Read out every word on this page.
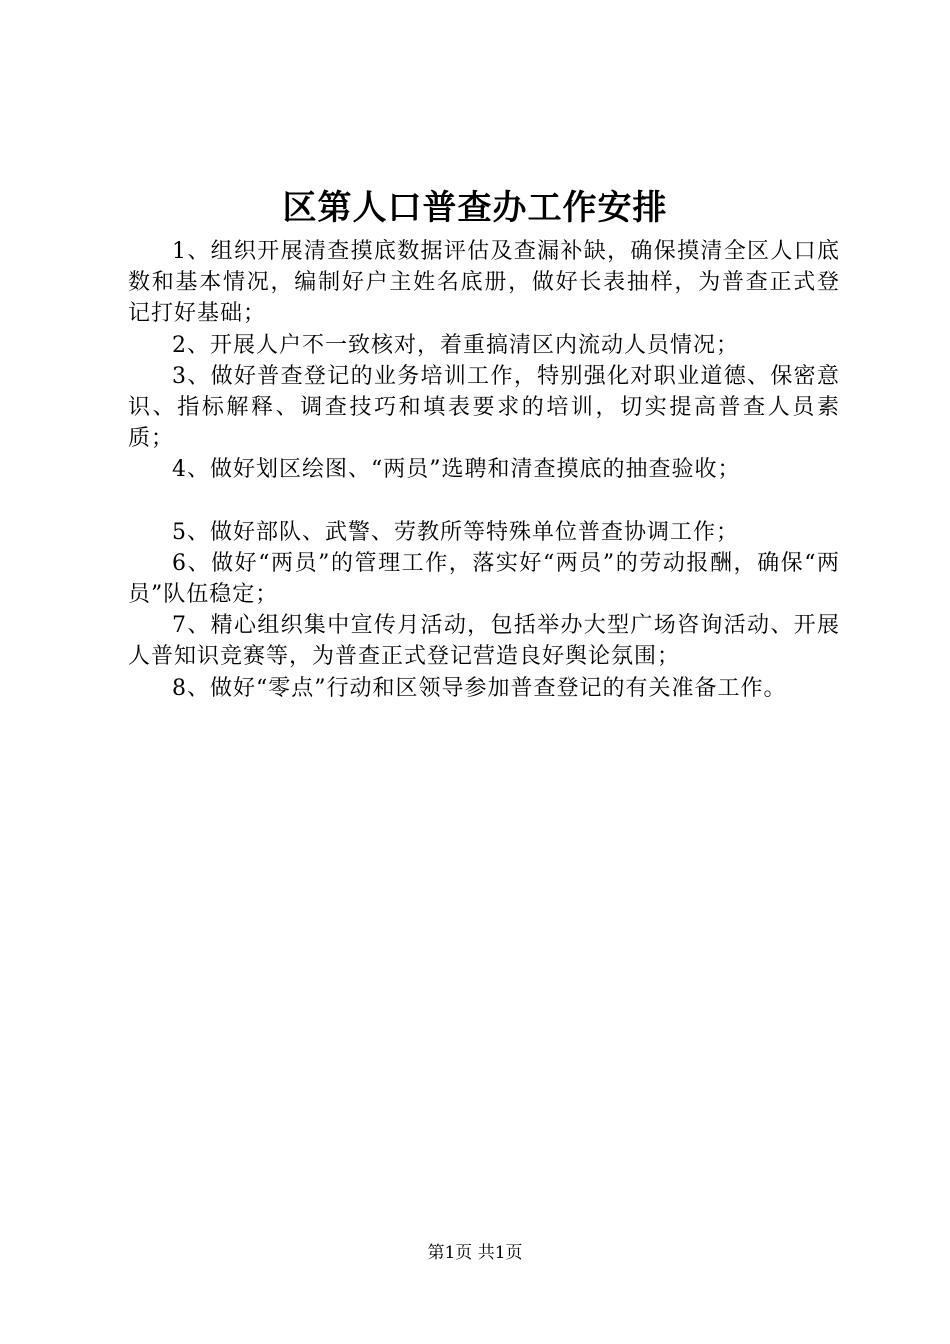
区第人口普查办工作安排

1、组织开展清查摸底数据评估及查漏补缺，确保摸清全区人口底数和基本情况，编制好户主姓名底册，做好长表抽样，为普查正式登记打好基础；

2、开展人户不一致核对，着重搞清区内流动人员情况；

3、做好普查登记的业务培训工作，特别强化对职业道德、保密意识、指标解释、调查技巧和填表要求的培训，切实提高普查人员素质；

4、做好划区绘图、“两员”选聘和清查摸底的抽查验收；

5、做好部队、武警、劳教所等特殊单位普查协调工作；

6、做好“两员”的管理工作，落实好“两员”的劳动报酬，确保“两员”队伍稳定；

7、精心组织集中宣传月活动，包括举办大型广场咨询活动、开展人普知识竞赛等，为普查正式登记营造良好舆论氛围；

8、做好“零点”行动和区领导参加普查登记的有关准备工作。

第1页 共1页
